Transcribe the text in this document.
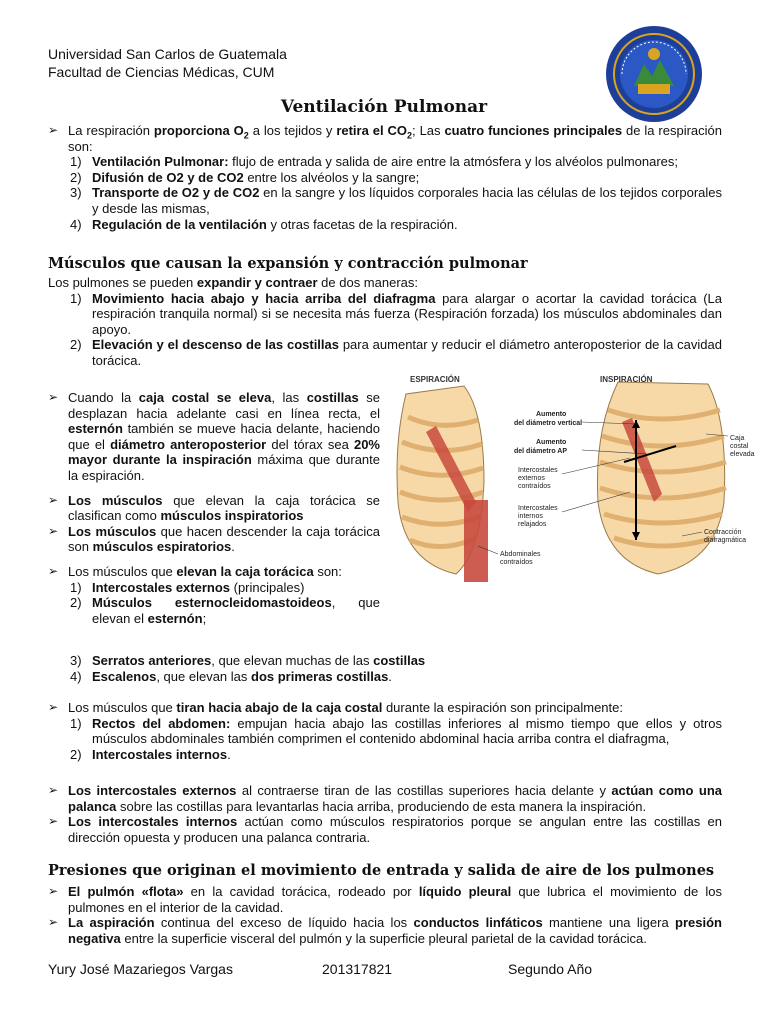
Universidad San Carlos de Guatemala
Facultad de Ciencias Médicas, CUM
Ventilación Pulmonar
➢ La respiración proporciona $O_2$ a los tejidos y retira el $CO_2$; Las cuatro funciones principales de la respiración son:
1) Ventilación Pulmonar: flujo de entrada y salida de aire entre la atmósfera y los alvéolos pulmonares;
2) Difusión de O2 y de CO2 entre los alvéolos y la sangre;
3) Transporte de O2 y de CO2 en la sangre y los líquidos corporales hacia las células de los tejidos corporales y desde las mismas,
4) Regulación de la ventilación y otras facetas de la respiración.
Músculos que causan la expansión y contracción pulmonar
Los pulmones se pueden expandir y contraer de dos maneras:
1) Movimiento hacia abajo y hacia arriba del diafragma para alargar o acortar la cavidad torácica (La respiración tranquila normal) si se necesita más fuerza (Respiración forzada) los músculos abdominales dan apoyo.
2) Elevación y el descenso de las costillas para aumentar y reducir el diámetro anteroposterior de la cavidad torácica.
➢ Cuando la caja costal se eleva, las costillas se desplazan hacia adelante casi en línea recta, el esternón también se mueve hacia delante, haciendo que el diámetro anteroposterior del tórax sea 20% mayor durante la inspiración máxima que durante la espiración.
➢ Los músculos que elevan la caja torácica se clasifican como músculos inspiratorios
➢ Los músculos que hacen descender la caja torácica son músculos espiratorios.
➢ Los músculos que elevan la caja torácica son:
1) Intercostales externos (principales)
2) Músculos esternocleidomastoideos, que elevan el esternón;
3) Serratos anteriores, que elevan muchas de las costillas
4) Escalenos, que elevan las dos primeras costillas.
➢ Los músculos que tiran hacia abajo de la caja costal durante la espiración son principalmente:
1) Rectos del abdomen: empujan hacia abajo las costillas inferiores al mismo tiempo que ellos y otros músculos abdominales también comprimen el contenido abdominal hacia arriba contra el diafragma,
2) Intercostales internos.
➢ Los intercostales externos al contraerse tiran de las costillas superiores hacia delante y actúan como una palanca sobre las costillas para levantarlas hacia arriba, produciendo de esta manera la inspiración.
➢ Los intercostales internos actúan como músculos respiratorios porque se angulan entre las costillas en dirección opuesta y producen una palanca contraria.
Presiones que originan el movimiento de entrada y salida de aire de los pulmones
➢ El pulmón «flota» en la cavidad torácica, rodeado por líquido pleural que lubrica el movimiento de los pulmones en el interior de la cavidad.
➢ La aspiración continua del exceso de líquido hacia los conductos linfáticos mantiene una ligera presión negativa entre la superficie visceral del pulmón y la superficie pleural parietal de la cavidad torácica.
ESPIRACIÓN	INSPIRACIÓN
Aumento del diámetro vertical
Aumento del diámetro AP
Intercostales externos contraídos
Intercostales internos relajados
Abdominales contraídos
Caja costal elevada
Contracción diafragmática
Yury José Mazariegos Vargas	201317821	Segundo Año
